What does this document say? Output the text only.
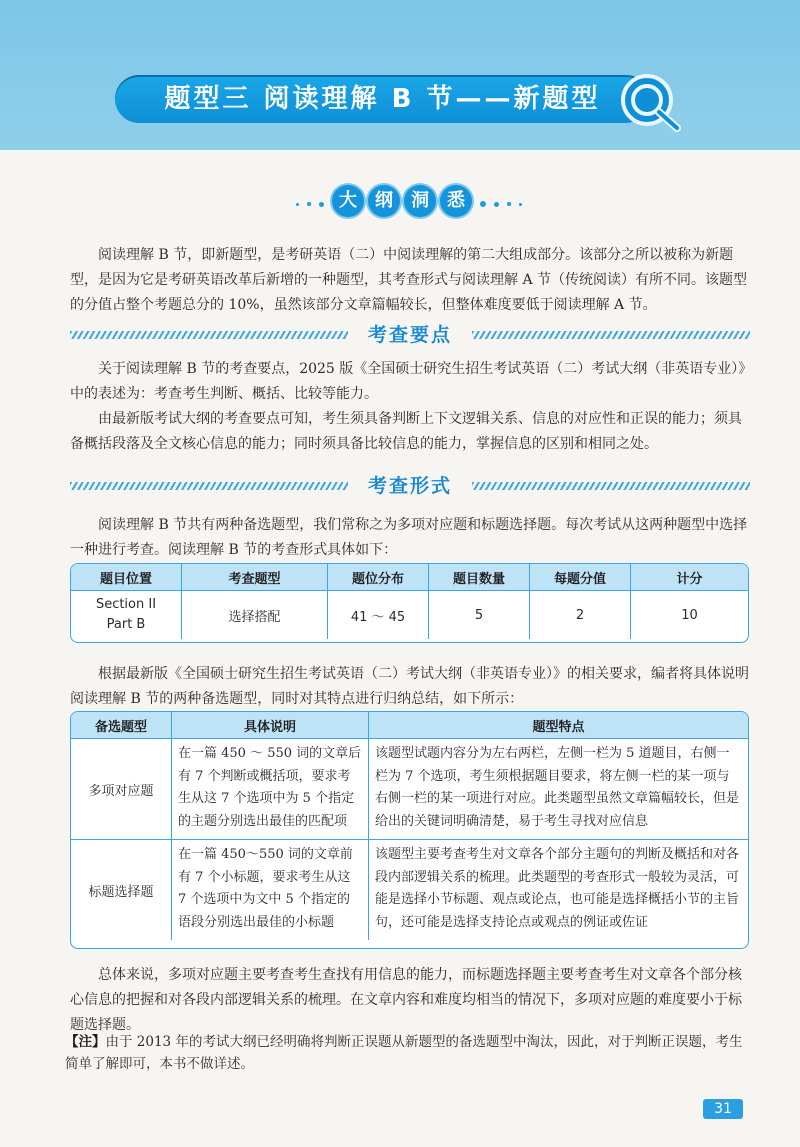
题型三 阅读理解 B 节——新题型
大	纲	洞	悉

阅读理解 B 节，即新题型，是考研英语（二）中阅读理解的第二大组成部分。该部分之所以被称为新题型，是因为它是考研英语改革后新增的一种题型，其考查形式与阅读理解 A 节（传统阅读）有所不同。该题型的分值占整个考题总分的 10%，虽然该部分文章篇幅较长，但整体难度要低于阅读理解 A 节。

考查要点

关于阅读理解 B 节的考查要点，2025 版《全国硕士研究生招生考试英语（二）考试大纲（非英语专业）》中的表述为：考查考生判断、概括、比较等能力。

由最新版考试大纲的考查要点可知，考生须具备判断上下文逻辑关系、信息的对应性和正误的能力；须具备概括段落及全文核心信息的能力；同时须具备比较信息的能力，掌握信息的区别和相同之处。

考查形式

阅读理解 B 节共有两种备选题型，我们常称之为多项对应题和标题选择题。每次考试从这两种题型中选择一种进行考查。阅读理解 B 节的考查形式具体如下：

题目位置	考查题型	题位分布	题目数量	每题分值	计分

Section II
Part B	选择搭配	41 ～ 45	5	2	10

根据最新版《全国硕士研究生招生考试英语（二）考试大纲（非英语专业）》的相关要求，编者将具体说明阅读理解 B 节的两种备选题型，同时对其特点进行归纳总结，如下所示：

备选题型	具体说明	题型特点
多项对应题	在一篇 450 ～ 550 词的文章后有 7 个判断或概括项，要求考生从这 7 个选项中为 5 个指定的主题分别选出最佳的匹配项	该题型试题内容分为左右两栏，左侧一栏为 5 道题目，右侧一栏为 7 个选项，考生须根据题目要求，将左侧一栏的某一项与右侧一栏的某一项进行对应。此类题型虽然文章篇幅较长，但是给出的关键词明确清楚，易于考生寻找对应信息
标题选择题	在一篇 450～550 词的文章前有 7 个小标题，要求考生从这 7 个选项中为文中 5 个指定的语段分别选出最佳的小标题	该题型主要考查考生对文章各个部分主题句的判断及概括和对各段内部逻辑关系的梳理。此类题型的考查形式一般较为灵活，可能是选择小节标题、观点或论点，也可能是选择概括小节的主旨句，还可能是选择支持论点或观点的例证或佐证

总体来说，多项对应题主要考查考生查找有用信息的能力，而标题选择题主要考查考生对文章各个部分核心信息的把握和对各段内部逻辑关系的梳理。在文章内容和难度均相当的情况下，多项对应题的难度要小于标题选择题。

【注】由于 2013 年的考试大纲已经明确将判断正误题从新题型的备选题型中淘汰，因此，对于判断正误题，考生简单了解即可，本书不做详述。

31
